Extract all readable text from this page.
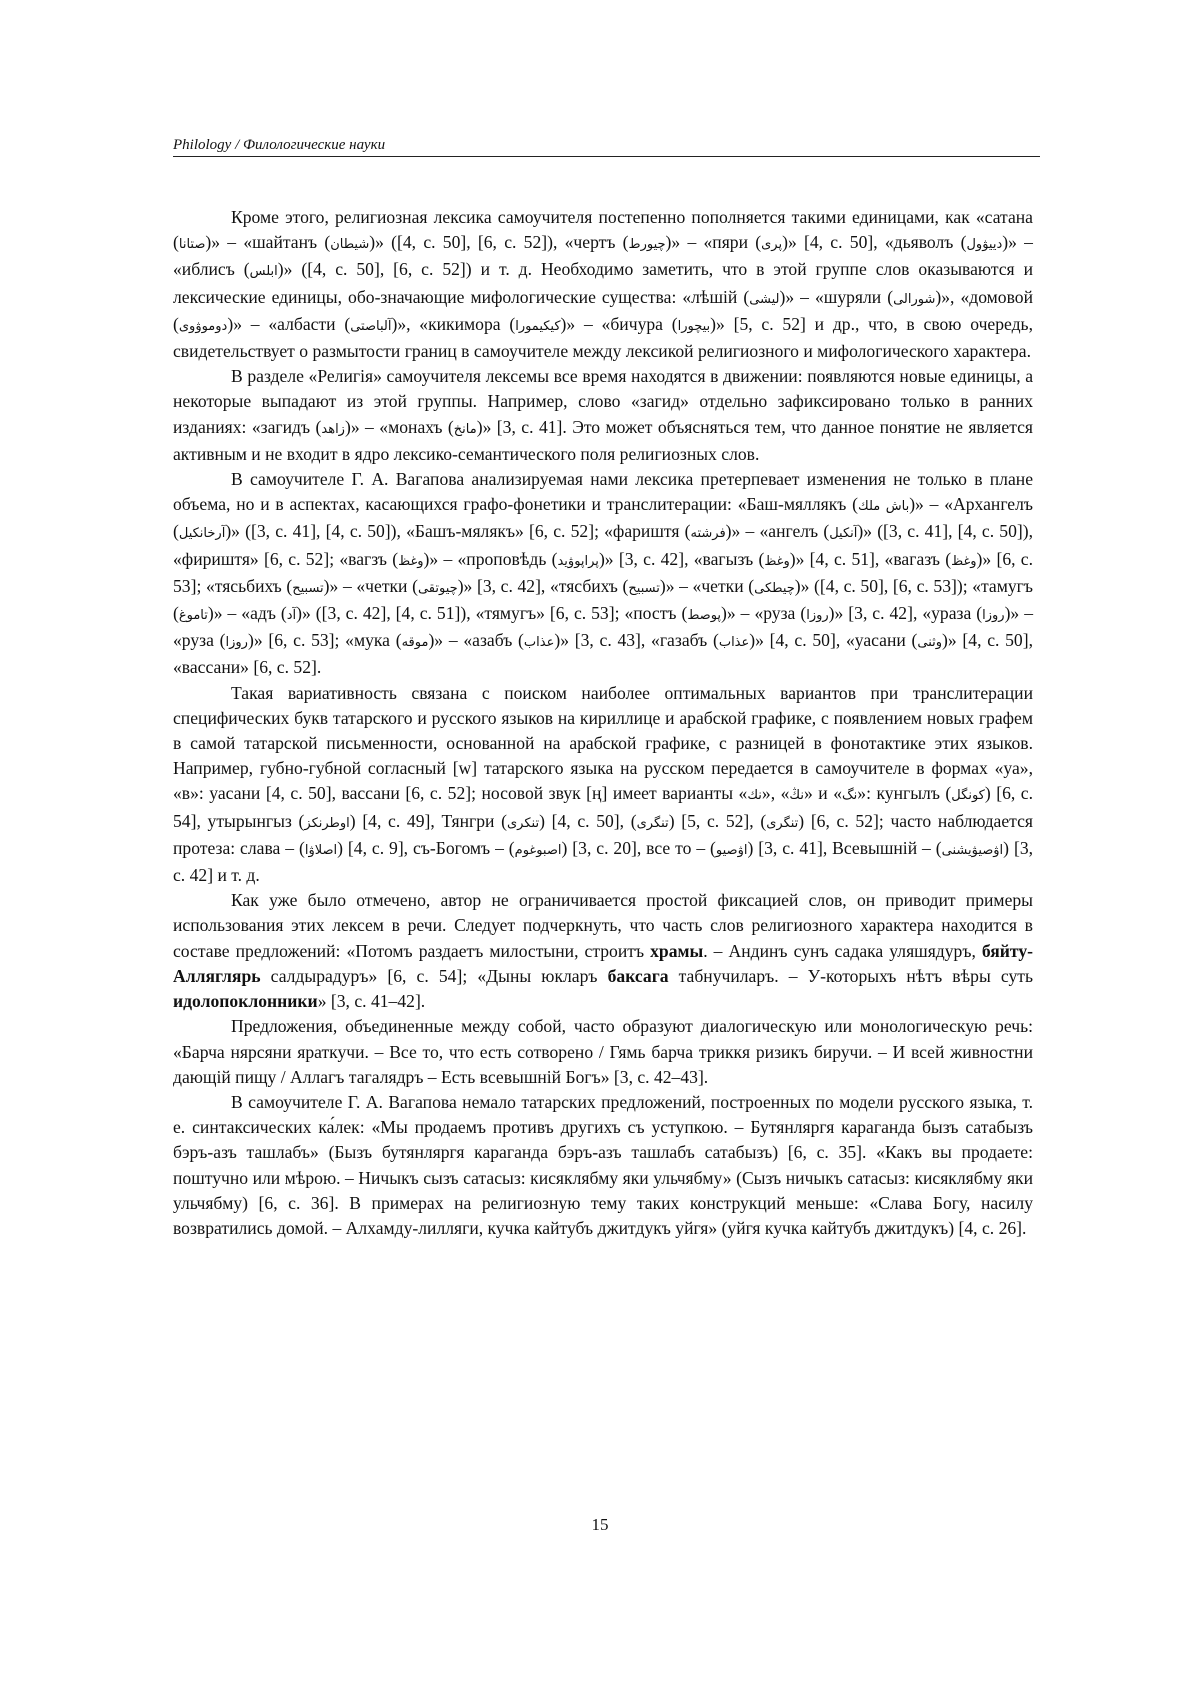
Philology / Филологические науки

Кроме этого, религиозная лексика самоучителя постепенно пополняется такими единицами, как «сатана (صتانا)» – «шайтанъ (شيطان)» ([4, с. 50], [6, с. 52]), «чертъ (چيورط)» – «пяри (پرى)» [4, с. 50], «дьяволъ (دييۋول)» – «иблисъ (ابلس)» ([4, с. 50], [6, с. 52]) и т. д. Необходимо заметить, что в этой группе слов оказываются и лексические единицы, обо-значающие мифологические существа: «лѣшій (ليشى)» – «шуряли (شورالى)», «домовой (دوموۋوى)» – «албасти (آلباصتى)», «кикимора (كيكيمورا)» – «бичура (بيچورا)» [5, с. 52] и др., что, в свою очередь, свидетельствует о размытости границ в самоучителе между лексикой религиозного и мифологического характера.

В разделе «Религія» самоучителя лексемы все время находятся в движении: появляются новые единицы, а некоторые выпадают из этой группы. Например, слово «загид» отдельно зафиксировано только в ранних изданиях: «загидъ (زاهد)» – «монахъ (مانخ)» [3, с. 41]. Это может объясняться тем, что данное понятие не является активным и не входит в ядро лексико-семантического поля религиозных слов.

В самоучителе Г. А. Вагапова анализируемая нами лексика претерпевает изменения не только в плане объема, но и в аспектах, касающихся графо-фонетики и транслитерации: «Баш-мяллякъ (باش ملك)» – «Архангелъ (آرخانكيل)» ([3, с. 41], [4, с. 50]), «Башъ-мялякъ» [6, с. 52]; «фариштя (فرشته)» – «ангелъ (آنكيل)» ([3, с. 41], [4, с. 50]), «фириштя» [6, с. 52]; «вагзъ (وغظ)» – «проповѣдь (پراپوۋيد)» [3, с. 42], «вагызъ (وغظ)» [4, с. 51], «вагазъ (وغظ)» [6, с. 53]; «тясьбихъ (تسبيح)» – «четки (چيوتقى)» [3, с. 42], «тясбихъ (تسبيح)» – «четки (چيطكى)» ([4, с. 50], [6, с. 53]); «тамугъ (تاموغ)» – «адъ (آد)» ([3, с. 42], [4, с. 51]), «тямугъ» [6, с. 53]; «постъ (پوصط)» – «руза (روزا)» [3, с. 42], «ураза (روزا)» – «руза (روزا)» [6, с. 53]; «мука (موقه)» – «азабъ (عذاب)» [3, с. 43], «газабъ (عذاب)» [4, с. 50], «уасани (وثنى)» [4, с. 50], «вассани» [6, с. 52].

Такая вариативность связана с поиском наиболее оптимальных вариантов при транслитерации специфических букв татарского и русского языков на кириллице и арабской графике, с появлением новых графем в самой татарской письменности, основанной на арабской графике, с разницей в фонотактике этих языков. Например, губно-губной согласный [w] татарского языка на русском передается в самоучителе в формах «уа», «в»: уасани [4, с. 50], вассани [6, с. 52]; носовой звук [ң] имеет варианты «نك», «نڭ» и «نگ»: кунгылъ (كونگل) [6, с. 54], утырынгыз (اوطرنكز) [4, с. 49], Тянгри (تنكرى) [4, с. 50], (تنگرى) [5, с. 52], (تنگرى) [6, с. 52]; часто наблюдается протеза: слава – (اصلاۋا) [4, с. 9], съ-Богомъ – (اصبوغوم) [3, с. 20], все то – (اۋصيو) [3, с. 41], Всевышній – (اۋصيۋيشنى) [3, с. 42] и т. д.

Как уже было отмечено, автор не ограничивается простой фиксацией слов, он приводит примеры использования этих лексем в речи. Следует подчеркнуть, что часть слов религиозного характера находится в составе предложений: «Потомъ раздаетъ милостыни, строитъ храмы. – Андинъ сунъ садака уляшядуръ, бяйту-Алляглярь салдырадуръ» [6, с. 54]; «Дыны юкларъ баксага табнучиларъ. – У-которыхъ нѣтъ вѣры суть идолопоклонники» [3, с. 41–42].

Предложения, объединенные между собой, часто образуют диалогическую или монологическую речь: «Барча нярсяни яраткучи. – Все то, что есть сотворено / Гямь барча триккя ризикъ биручи. – И всей живностни дающій пищу / Аллагъ тагалядръ – Есть всевышній Богъ» [3, с. 42–43].

В самоучителе Г. А. Вагапова немало татарских предложений, построенных по модели русского языка, т. е. синтаксических ка́лек: «Мы продаемъ противъ другихъ съ уступкою. – Бутянляргя караганда бызъ сатабызъ бэръ-азъ ташлабъ» (Бызъ бутянляргя караганда бэръ-азъ ташлабъ сатабызъ) [6, с. 35]. «Какъ вы продаете: поштучно или мѣрою. – Ничыкъ сызъ сатасыз: кисяклябму яки ульчябму» (Сызъ ничыкъ сатасыз: кисяклябму яки ульчябму) [6, с. 36]. В примерах на религиозную тему таких конструкций меньше: «Слава Богу, насилу возвратились домой. – Алхамду-лилляги, кучка кайтубъ джитдукъ уйгя» (уйгя кучка кайтубъ джитдукъ) [4, с. 26].

15
